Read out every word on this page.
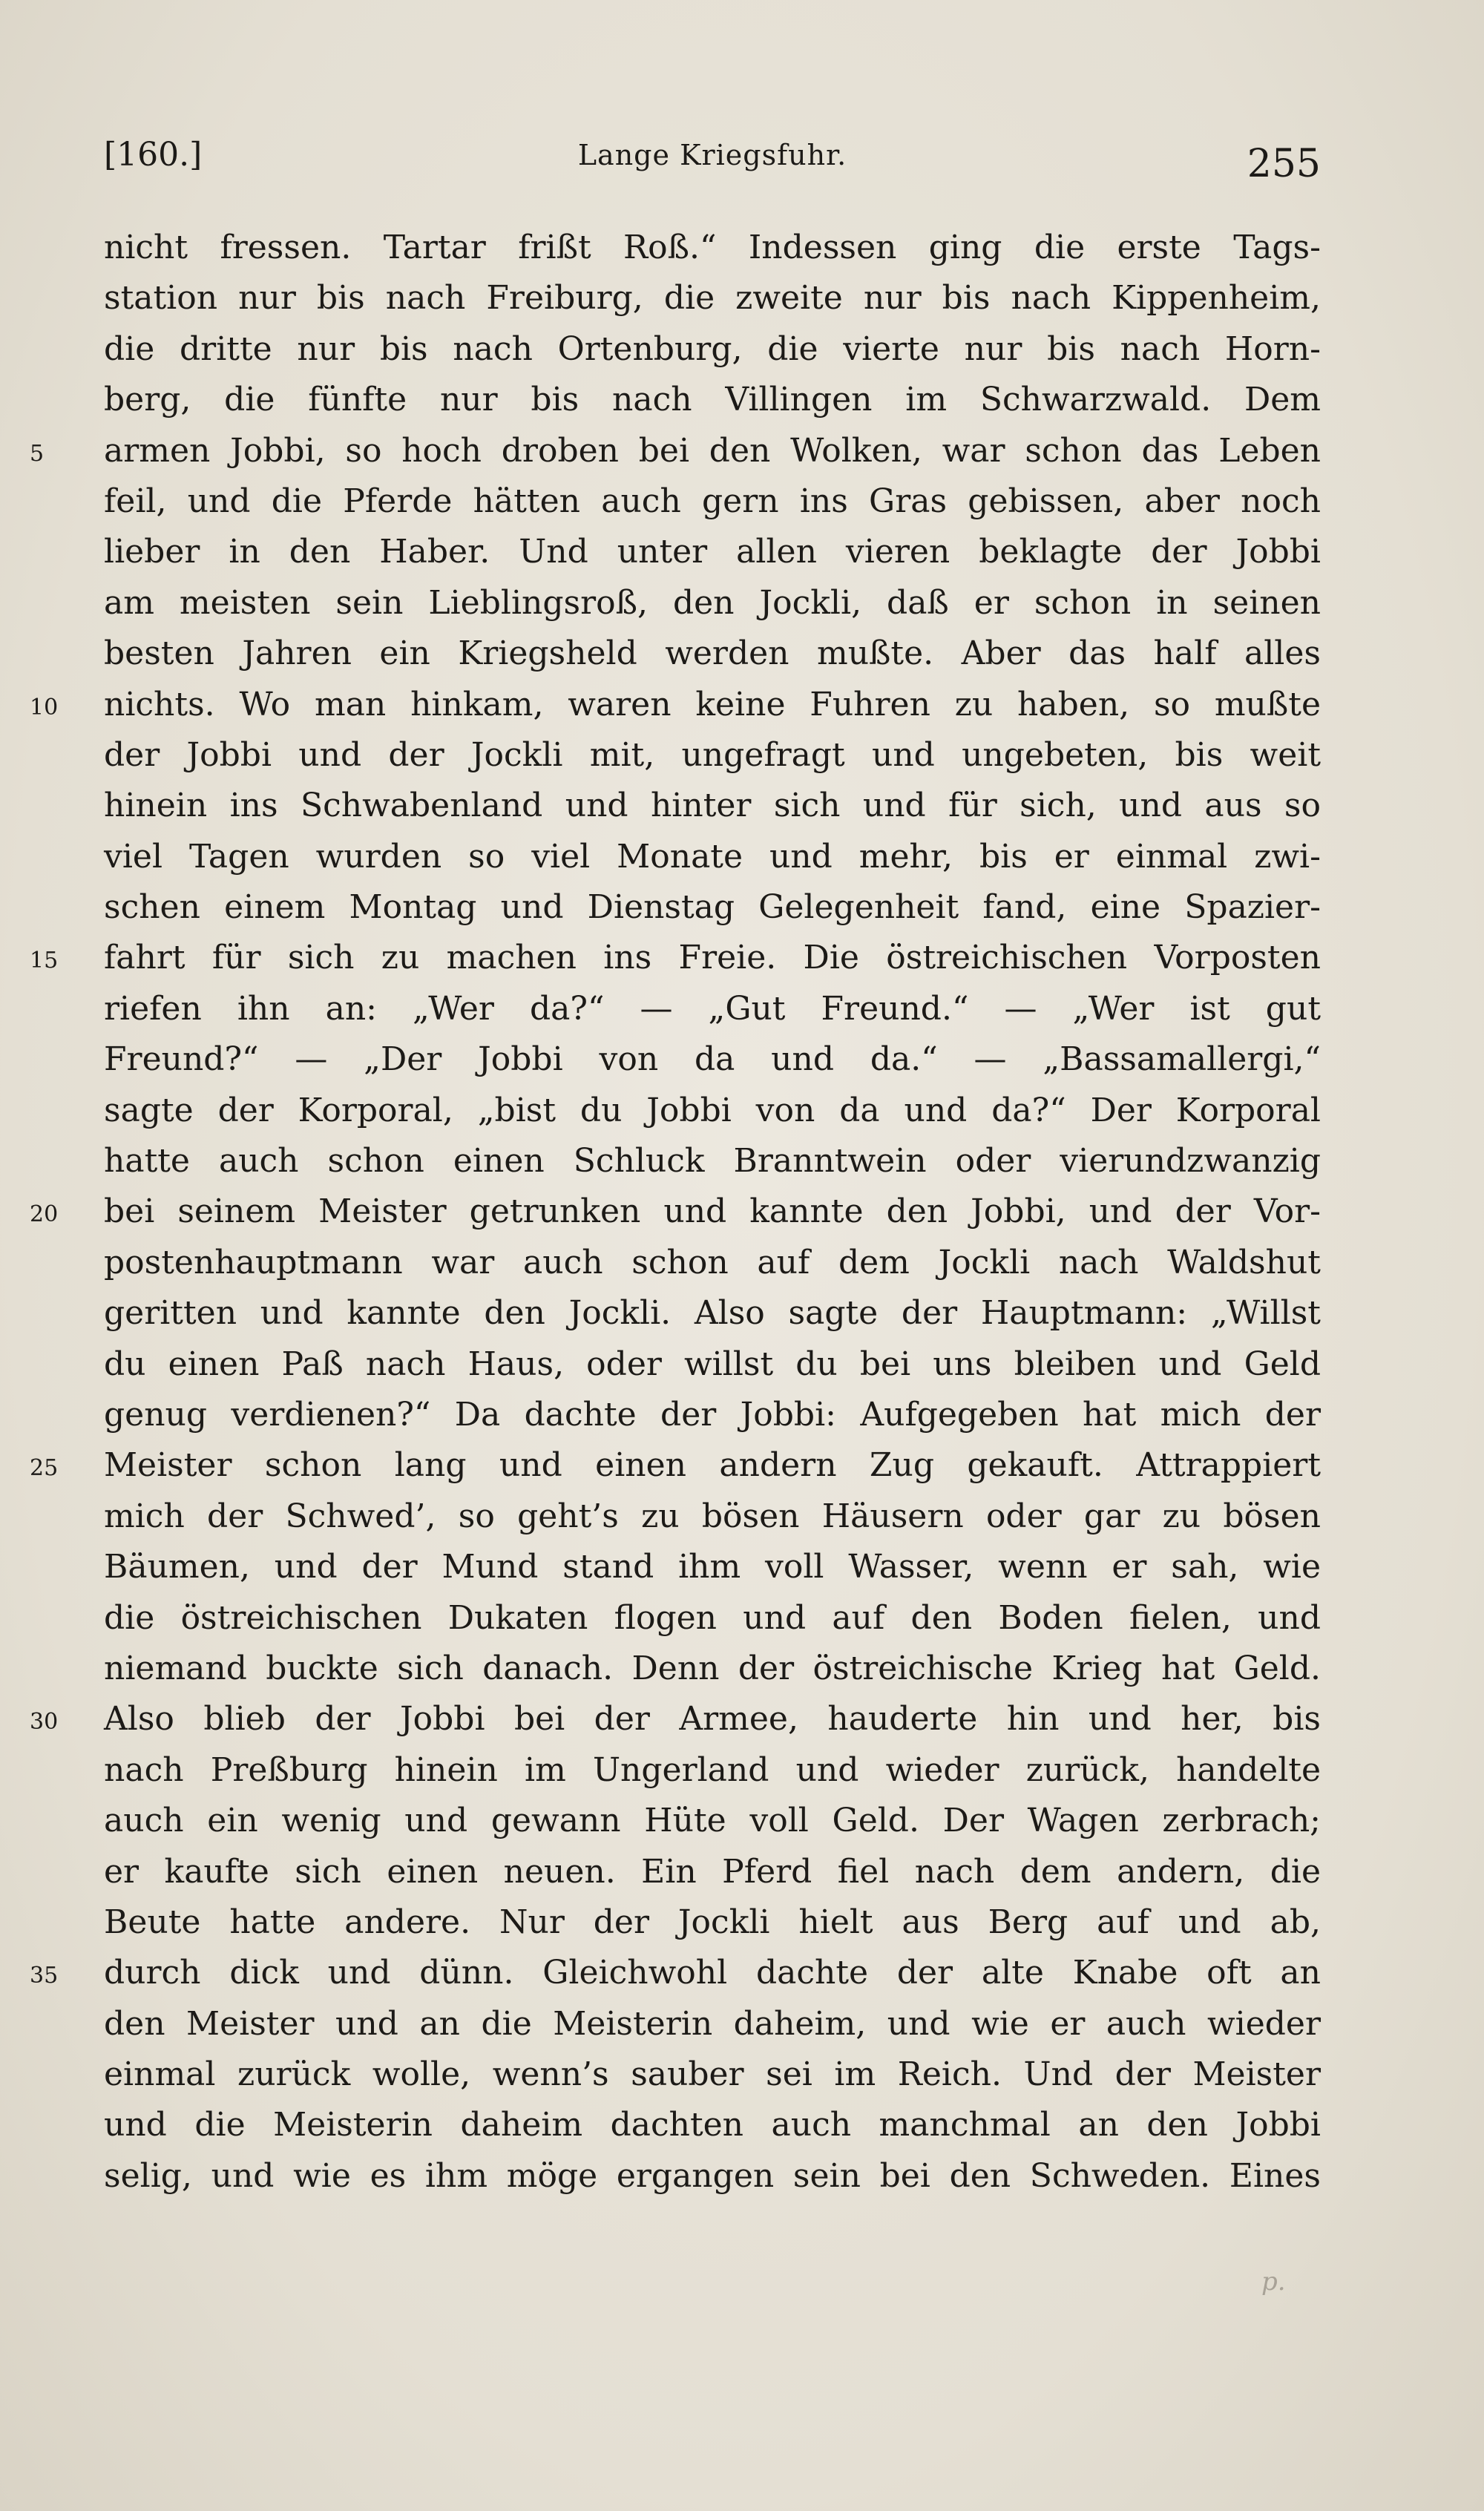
[160.]	Lange Kriegsfuhr.	255
nicht fressen. Tartar frißt Roß.“ Indessen ging die erste Tags-
station nur bis nach Freiburg, die zweite nur bis nach Kippenheim,
die dritte nur bis nach Ortenburg, die vierte nur bis nach Horn-
berg, die fünfte nur bis nach Villingen im Schwarzwald. Dem
5	armen Jobbi, so hoch droben bei den Wolken, war schon das Leben
feil, und die Pferde hätten auch gern ins Gras gebissen, aber noch
lieber in den Haber. Und unter allen vieren beklagte der Jobbi
am meisten sein Lieblingsroß, den Jockli, daß er schon in seinen
besten Jahren ein Kriegsheld werden mußte. Aber das half alles
10	nichts. Wo man hinkam, waren keine Fuhren zu haben, so mußte
der Jobbi und der Jockli mit, ungefragt und ungebeten, bis weit
hinein ins Schwabenland und hinter sich und für sich, und aus so
viel Tagen wurden so viel Monate und mehr, bis er einmal zwi-
schen einem Montag und Dienstag Gelegenheit fand, eine Spazier-
15	fahrt für sich zu machen ins Freie. Die östreichischen Vorposten
riefen ihn an: „Wer da?“ — „Gut Freund.“ — „Wer ist gut
Freund?“ — „Der Jobbi von da und da.“ — „Bassamallergi,“
sagte der Korporal, „bist du Jobbi von da und da?“ Der Korporal
hatte auch schon einen Schluck Branntwein oder vierundzwanzig
20	bei seinem Meister getrunken und kannte den Jobbi, und der Vor-
postenhauptmann war auch schon auf dem Jockli nach Waldshut
geritten und kannte den Jockli. Also sagte der Hauptmann: „Willst
du einen Paß nach Haus, oder willst du bei uns bleiben und Geld
genug verdienen?“ Da dachte der Jobbi: Aufgegeben hat mich der
25	Meister schon lang und einen andern Zug gekauft. Attrappiert
mich der Schwed’, so geht’s zu bösen Häusern oder gar zu bösen
Bäumen, und der Mund stand ihm voll Wasser, wenn er sah, wie
die östreichischen Dukaten flogen und auf den Boden fielen, und
niemand buckte sich danach. Denn der östreichische Krieg hat Geld.
30	Also blieb der Jobbi bei der Armee, hauderte hin und her, bis
nach Preßburg hinein im Ungerland und wieder zurück, handelte
auch ein wenig und gewann Hüte voll Geld. Der Wagen zerbrach;
er kaufte sich einen neuen. Ein Pferd fiel nach dem andern, die
Beute hatte andere. Nur der Jockli hielt aus Berg auf und ab,
35	durch dick und dünn. Gleichwohl dachte der alte Knabe oft an
den Meister und an die Meisterin daheim, und wie er auch wieder
einmal zurück wolle, wenn’s sauber sei im Reich. Und der Meister
und die Meisterin daheim dachten auch manchmal an den Jobbi
selig, und wie es ihm möge ergangen sein bei den Schweden. Eines
p.
